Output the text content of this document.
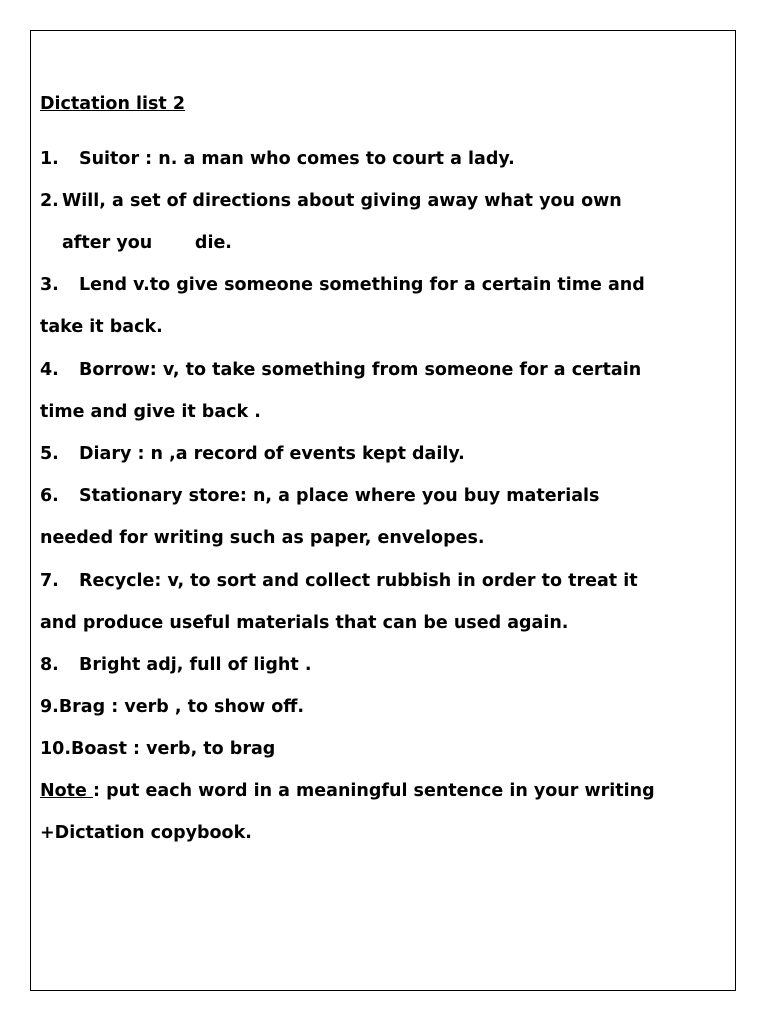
Dictation list 2
1. Suitor : n. a man who comes to court a lady.
2. Will, a set of directions about giving away what you own
after you       die.
3. Lend v.to give someone something for a certain time and
take it back.
4. Borrow: v, to take something from someone for a certain
time and give it back .
5. Diary : n ,a record of events kept daily.
6. Stationary store: n, a place where you buy materials
needed for writing such as paper, envelopes.
7. Recycle: v, to sort and collect rubbish in order to treat it
and produce useful materials that can be used again.
8. Bright adj, full of light .
9.Brag : verb , to show off.
10.Boast : verb, to brag
Note : put each word in a meaningful sentence in your writing
+Dictation copybook.
